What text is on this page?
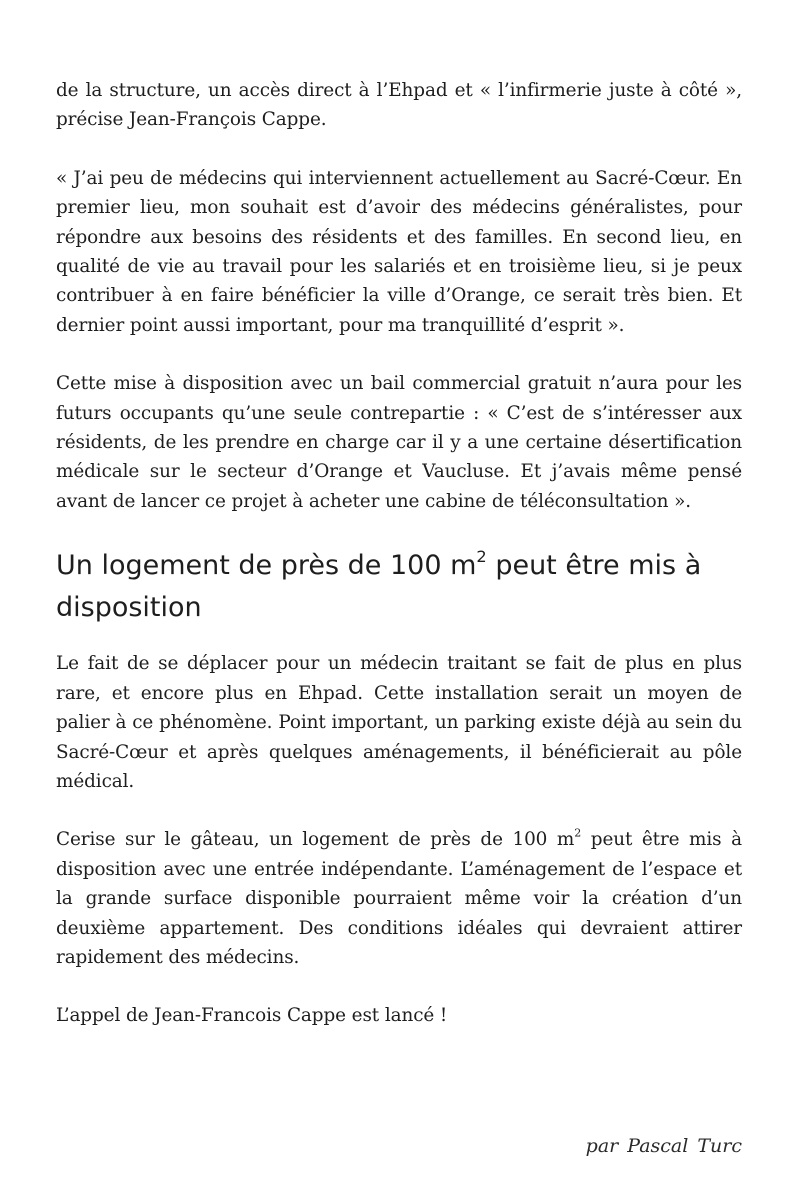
de la structure, un accès direct à l’Ehpad et « l’infirmerie juste à côté », précise Jean-François Cappe.

« J’ai peu de médecins qui interviennent actuellement au Sacré-Cœur. En premier lieu, mon souhait est d’avoir des médecins généralistes, pour répondre aux besoins des résidents et des familles. En second lieu, en qualité de vie au travail pour les salariés et en troisième lieu, si je peux contribuer à en faire bénéficier la ville d’Orange, ce serait très bien. Et dernier point aussi important, pour ma tranquillité d’esprit ».

Cette mise à disposition avec un bail commercial gratuit n’aura pour les futurs occupants qu’une seule contrepartie : « C’est de s’intéresser aux résidents, de les prendre en charge car il y a une certaine désertification médicale sur le secteur d’Orange et Vaucluse. Et j’avais même pensé avant de lancer ce projet à acheter une cabine de téléconsultation ».

Un logement de près de 100 $m^2$ peut être mis à disposition

Le fait de se déplacer pour un médecin traitant se fait de plus en plus rare, et encore plus en Ehpad. Cette installation serait un moyen de palier à ce phénomène. Point important, un parking existe déjà au sein du Sacré-Cœur et après quelques aménagements, il bénéficierait au pôle médical.

Cerise sur le gâteau, un logement de près de 100 $m^2$ peut être mis à disposition avec une entrée indépendante. L’aménagement de l’espace et la grande surface disponible pourraient même voir la création d’un deuxième appartement. Des conditions idéales qui devraient attirer rapidement des médecins.

L’appel de Jean-Francois Cappe est lancé !

par Pascal Turc
